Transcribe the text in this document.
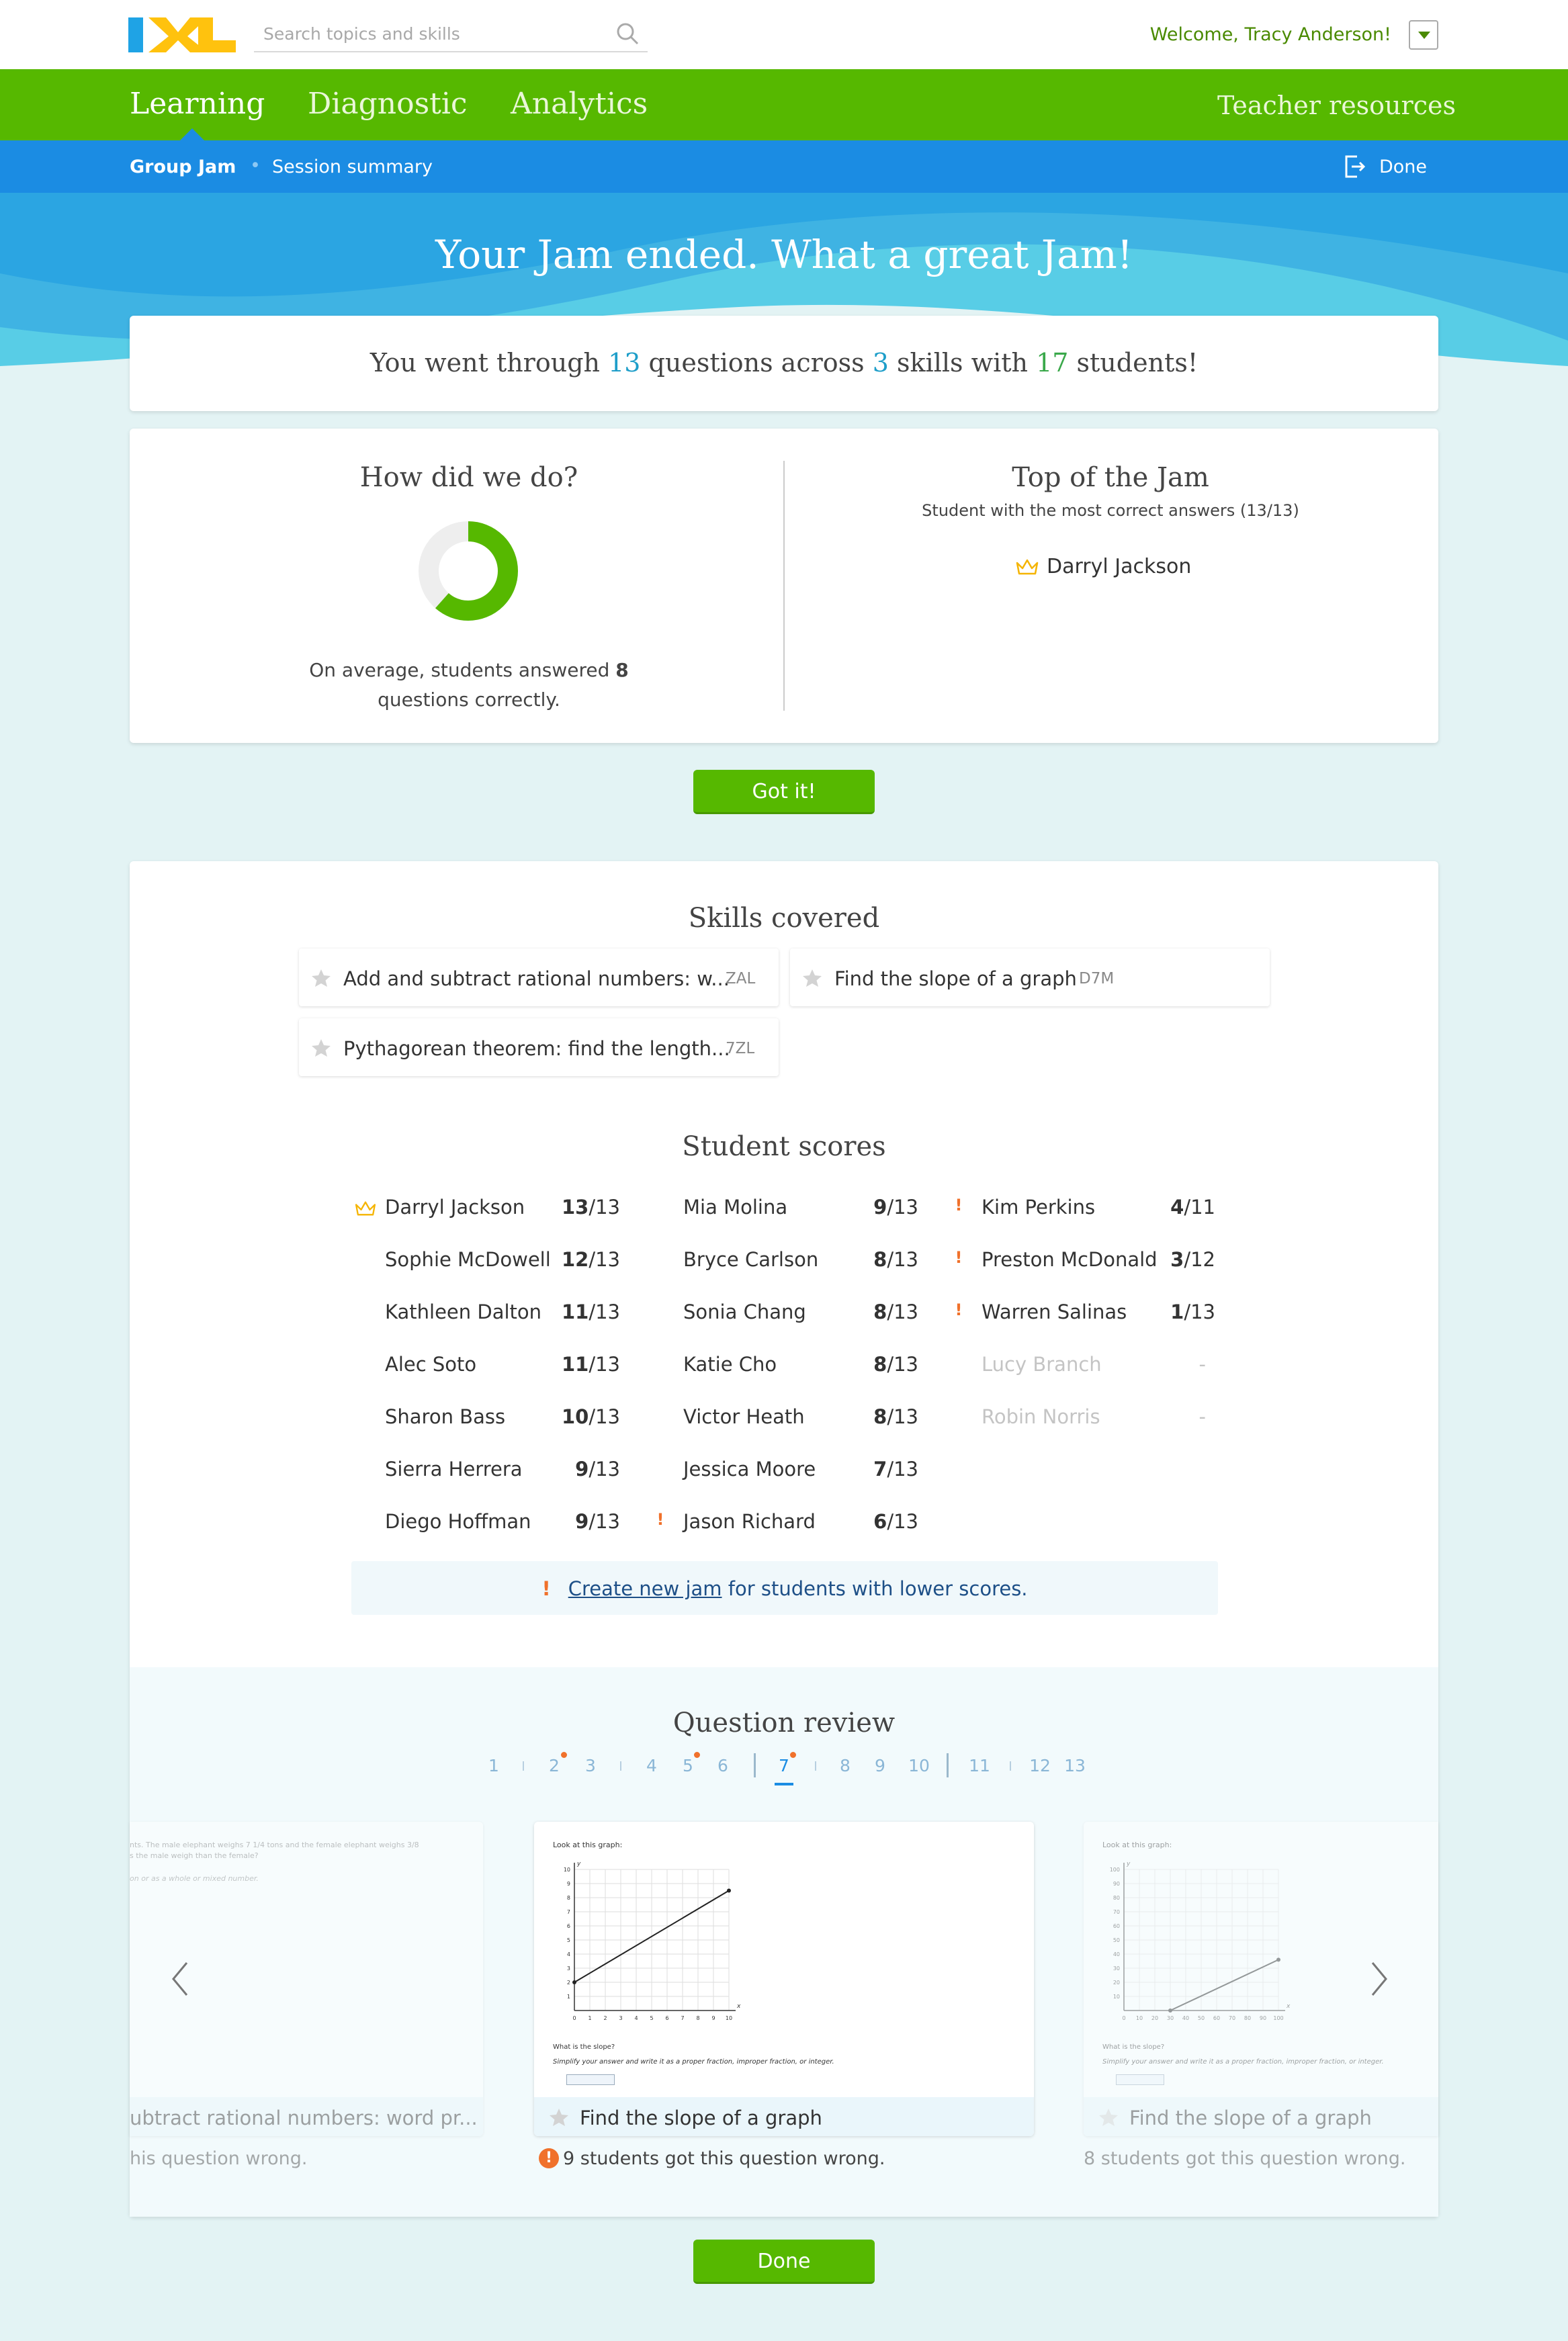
Search topics and skills	Welcome, Tracy Anderson!
Learning Diagnostic Analytics	Teacher resources
Group Jam • Session summary	Done
Your Jam ended. What a great Jam!
You went through 13 questions across 3 skills with 17 students!
How did we do?
On average, students answered 8 questions correctly.
Top of the Jam
Student with the most correct answers (13/13)
Darryl Jackson
Got it!
Skills covered
Add and subtract rational numbers: w...
ZAL	Find the slope of a graph D7M
Pythagorean theorem: find the length...
7ZL
Student scores
Darryl Jackson	13/13
Sophie McDowell 12/13
Kathleen Dalton	11/13
Alec Soto	11/13
Sharon Bass	10/13
Sierra Herrera	9/13
Diego Hoffman	9/13
Mia Molina	9/13
Bryce Carlson	8/13
Sonia Chang	8/13
Katie Cho	8/13
Victor Heath	8/13
Jessica Moore	7/13
! Jason Richard	6/13
! Kim Perkins	4/11
! Preston McDonald 3/12
! Warren Salinas	1/13
Lucy Branch	-
Robin Norris	-
! Create new jam for students with lower scores.
Question review
1	2	3	4	5	6	7	8	9	10	11	12 13
nts. The male elephant weighs 7 1/4 tons and the female elephant weighs 3/8
s the male weigh than the female?
on or as a whole or mixed number.
ubtract rational numbers: word pr...
his question wrong.
Look at this graph:
0 1 2 3 4 5 6 7 8 9 10
1
2
3
4
5
6
7
8
9
10
x
y
What is the slope?
Simplify your answer and write it as a proper fraction, improper fraction, or integer.
Find the slope of a graph
! 9 students got this question wrong.
Look at this graph:
0 10 20 30 40 50 60 70 80 90 100
10
20
30
40
50
60
70
80
90
100
x
y
What is the slope?
Simplify your answer and write it as a proper fraction, improper fraction, or integer.
Find the slope of a graph
8 students got this question wrong.
Done
